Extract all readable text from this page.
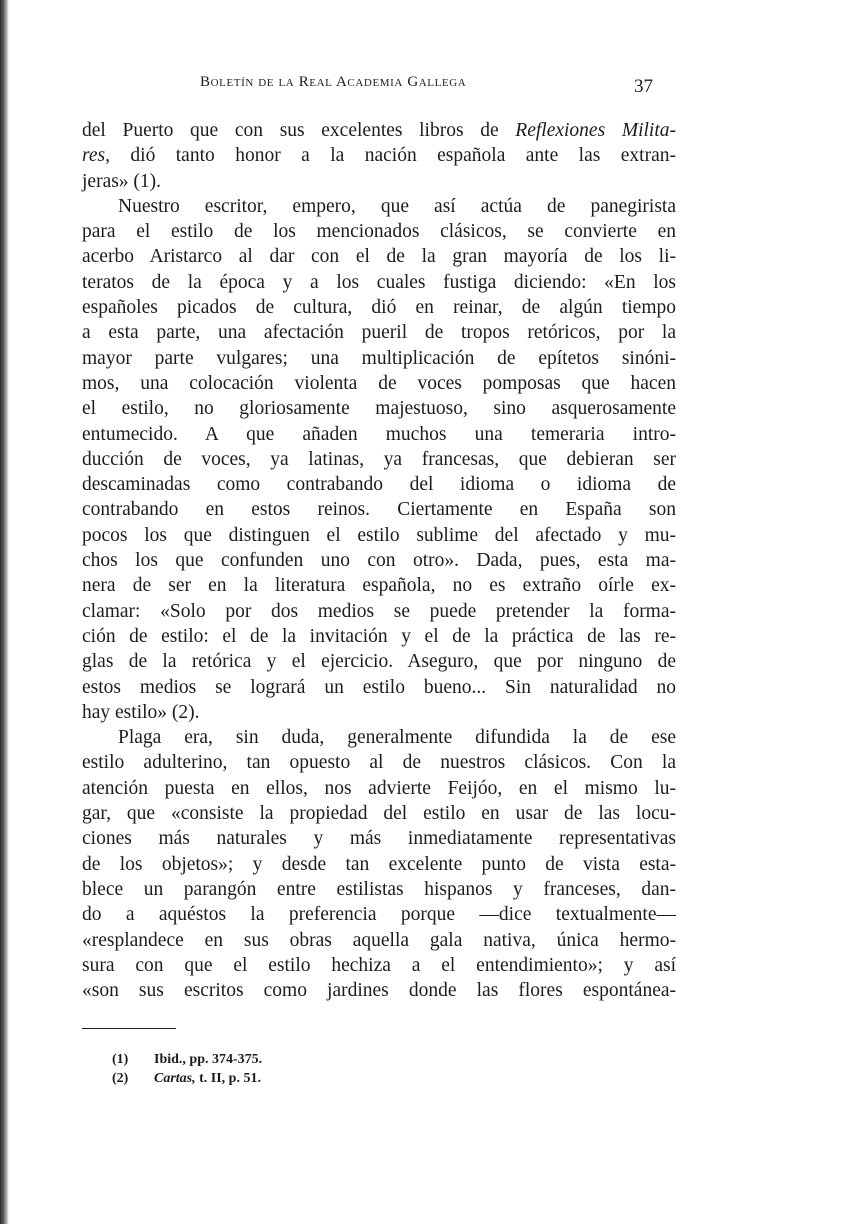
Boletín de la Real Academia Gallega	37
del Puerto que con sus excelentes libros de Reflexiones Milita-
res, dió tanto honor a la nación española ante las extran-
jeras» (1).
Nuestro escritor, empero, que así actúa de panegirista
para el estilo de los mencionados clásicos, se convierte en
acerbo Aristarco al dar con el de la gran mayoría de los li-
teratos de la época y a los cuales fustiga diciendo: «En los
españoles picados de cultura, dió en reinar, de algún tiempo
a esta parte, una afectación pueril de tropos retóricos, por la
mayor parte vulgares; una multiplicación de epítetos sinóni-
mos, una colocación violenta de voces pomposas que hacen
el estilo, no gloriosamente majestuoso, sino asquerosamente
entumecido. A que añaden muchos una temeraria intro-
ducción de voces, ya latinas, ya francesas, que debieran ser
descaminadas como contrabando del idioma o idioma de
contrabando en estos reinos. Ciertamente en España son
pocos los que distinguen el estilo sublime del afectado y mu-
chos los que confunden uno con otro». Dada, pues, esta ma-
nera de ser en la literatura española, no es extraño oírle ex-
clamar: «Solo por dos medios se puede pretender la forma-
ción de estilo: el de la invitación y el de la práctica de las re-
glas de la retórica y el ejercicio. Aseguro, que por ninguno de
estos medios se logrará un estilo bueno... Sin naturalidad no
hay estilo» (2).
Plaga era, sin duda, generalmente difundida la de ese
estilo adulterino, tan opuesto al de nuestros clásicos. Con la
atención puesta en ellos, nos advierte Feijóo, en el mismo lu-
gar, que «consiste la propiedad del estilo en usar de las locu-
ciones más naturales y más inmediatamente representativas
de los objetos»; y desde tan excelente punto de vista esta-
blece un parangón entre estilistas hispanos y franceses, dan-
do a aquéstos la preferencia porque —dice textualmente—
«resplandece en sus obras aquella gala nativa, única hermo-
sura con que el estilo hechiza a el entendimiento»; y así
«son sus escritos como jardines donde las flores espontánea-
(1) Ibid., pp. 374-375.
(2) Cartas, t. II, p. 51.
